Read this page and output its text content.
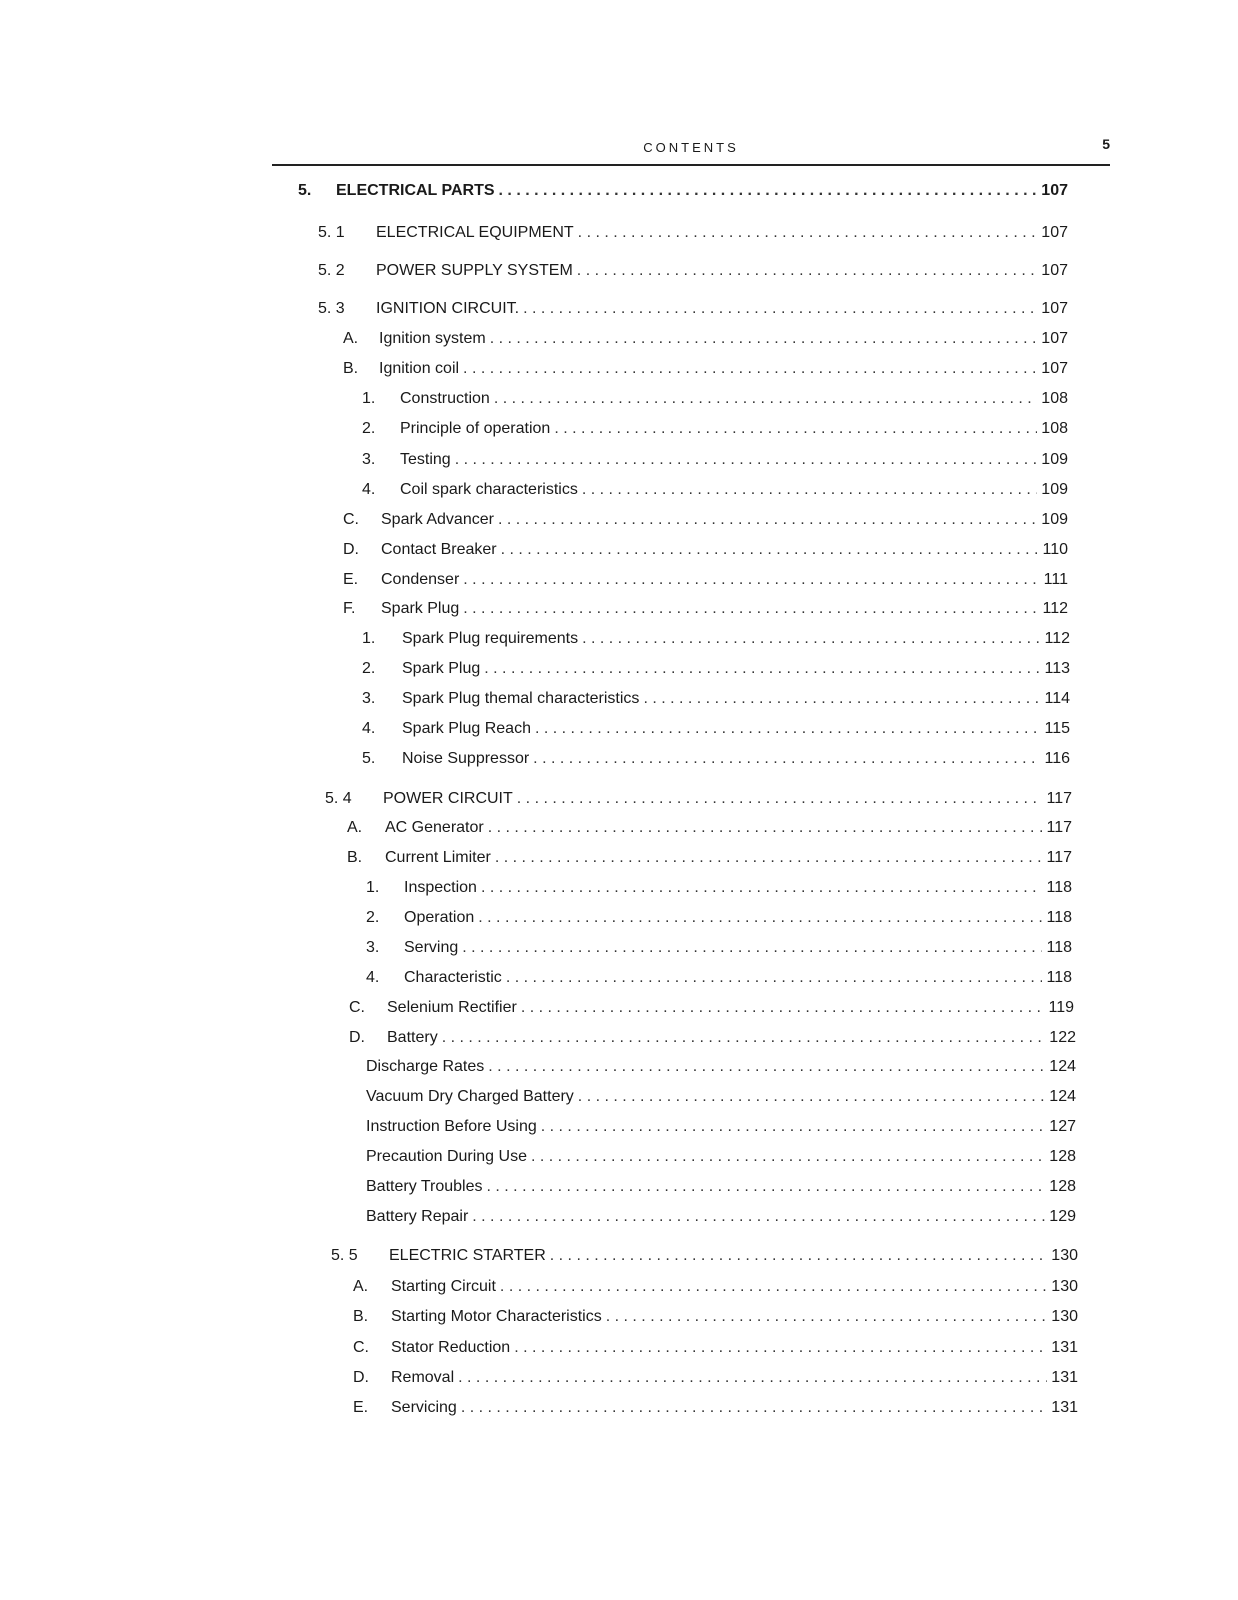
CONTENTS	5
5.	ELECTRICAL PARTS . . .	107
5. 1	ELECTRICAL EQUIPMENT . . .	107
5. 2	POWER SUPPLY SYSTEM . . .	107
5. 3	IGNITION CIRCUIT. . . .	107
A.	Ignition system . . .	107
B.	Ignition coil . . .	107
1.	Construction . . .	108
2.	Principle of operation . . .	108
3.	Testing . . .	109
4.	Coil spark characteristics . . .	109
C.	Spark Advancer . . .	109
D.	Contact Breaker . . .	110
E.	Condenser . . .	111
F.	Spark Plug . . .	112
1.	Spark Plug requirements . . .	112
2.	Spark Plug . . .	113
3.	Spark Plug themal characteristics . . .	114
4.	Spark Plug Reach . . .	115
5.	Noise Suppressor . . .	116
5. 4	POWER CIRCUIT . . .	117
A.	AC Generator . . .	117
B.	Current Limiter . . .	117
1.	Inspection . . .	118
2.	Operation . . .	118
3.	Serving . . .	118
4.	Characteristic . . .	118
C.	Selenium Rectifier . . .	119
D.	Battery . . .	122
Discharge Rates . . .	124
Vacuum Dry Charged Battery . . .	124
Instruction Before Using . . .	127
Precaution During Use . . .	128
Battery Troubles . . .	128
Battery Repair . . .	129
5. 5	ELECTRIC STARTER . . .	130
A.	Starting Circuit . . .	130
B.	Starting Motor Characteristics . . .	130
C.	Stator Reduction . . .	131
D.	Removal . . .	131
E.	Servicing . . .	131
